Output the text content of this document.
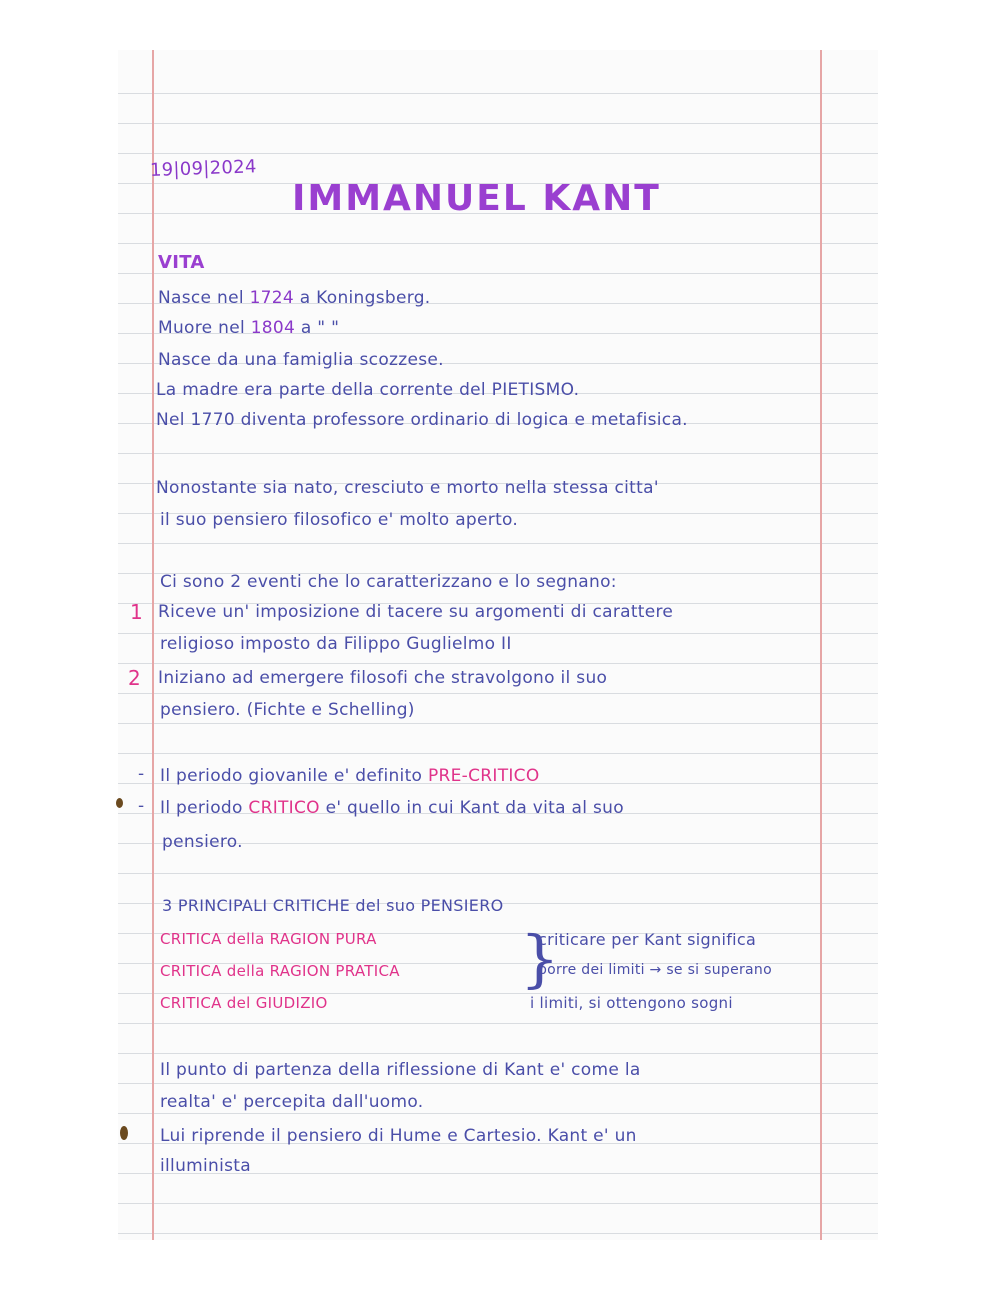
19|09|2024
IMMANUEL KANT
VITA
Nasce nel 1724 a Koningsberg.
Muore nel 1804 a " "
Nasce da una famiglia scozzese.
La madre era parte della corrente del PIETISMO.
Nel 1770 diventa professore ordinario di logica e metafisica.
Nonostante sia nato, cresciuto e morto nella stessa citta'
il suo pensiero filosofico e' molto aperto.
Ci sono 2 eventi che lo caratterizzano e lo segnano:
1 Riceve un' imposizione di tacere su argomenti di carattere
religioso imposto da Filippo Guglielmo II
2 Iniziano ad emergere filosofi che stravolgono il suo
pensiero. (Fichte e Schelling)
- Il periodo giovanile e' definito PRE-CRITICO
- Il periodo CRITICO e' quello in cui Kant da vita al suo
pensiero.
3 PRINCIPALI CRITICHE del suo PENSIERO
CRITICA della RAGION PURA
CRITICA della RAGION PRATICA
CRITICA del GIUDIZIO
}
criticare per Kant significa
porre dei limiti → se si superano
i limiti, si ottengono sogni
Il punto di partenza della riflessione di Kant e' come la
realta' e' percepita dall'uomo.
Lui riprende il pensiero di Hume e Cartesio. Kant e' un
illuminista
